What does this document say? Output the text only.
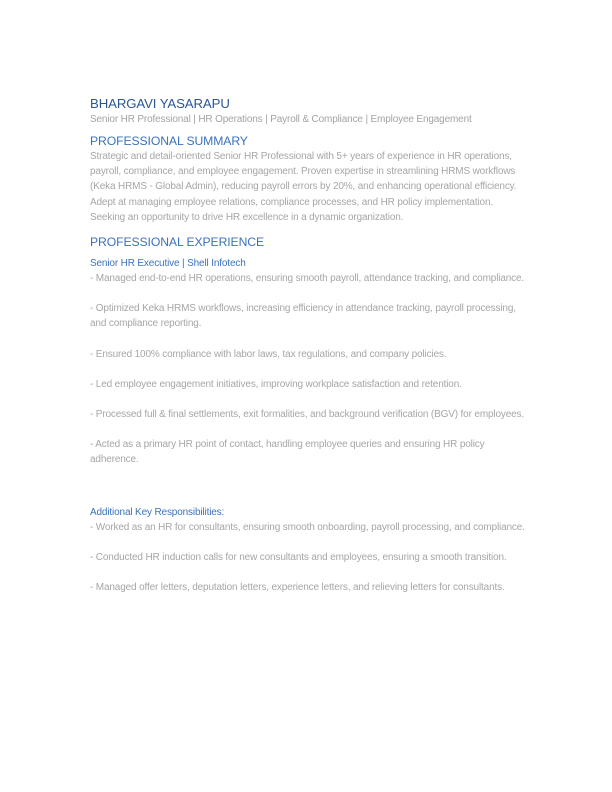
BHARGAVI YASARAPU

Senior HR Professional | HR Operations | Payroll & Compliance | Employee Engagement

PROFESSIONAL SUMMARY

Strategic and detail-oriented Senior HR Professional with 5+ years of experience in HR operations, payroll, compliance, and employee engagement. Proven expertise in streamlining HRMS workflows (Keka HRMS - Global Admin), reducing payroll errors by 20%, and enhancing operational efficiency. Adept at managing employee relations, compliance processes, and HR policy implementation. Seeking an opportunity to drive HR excellence in a dynamic organization.

PROFESSIONAL EXPERIENCE

Senior HR Executive | Shell Infotech

- Managed end-to-end HR operations, ensuring smooth payroll, attendance tracking, and compliance.

- Optimized Keka HRMS workflows, increasing efficiency in attendance tracking, payroll processing, and compliance reporting.

- Ensured 100% compliance with labor laws, tax regulations, and company policies.

- Led employee engagement initiatives, improving workplace satisfaction and retention.

- Processed full & final settlements, exit formalities, and background verification (BGV) for employees.

- Acted as a primary HR point of contact, handling employee queries and ensuring HR policy adherence.

Additional Key Responsibilities:

- Worked as an HR for consultants, ensuring smooth onboarding, payroll processing, and compliance.

- Conducted HR induction calls for new consultants and employees, ensuring a smooth transition.

- Managed offer letters, deputation letters, experience letters, and relieving letters for consultants.
